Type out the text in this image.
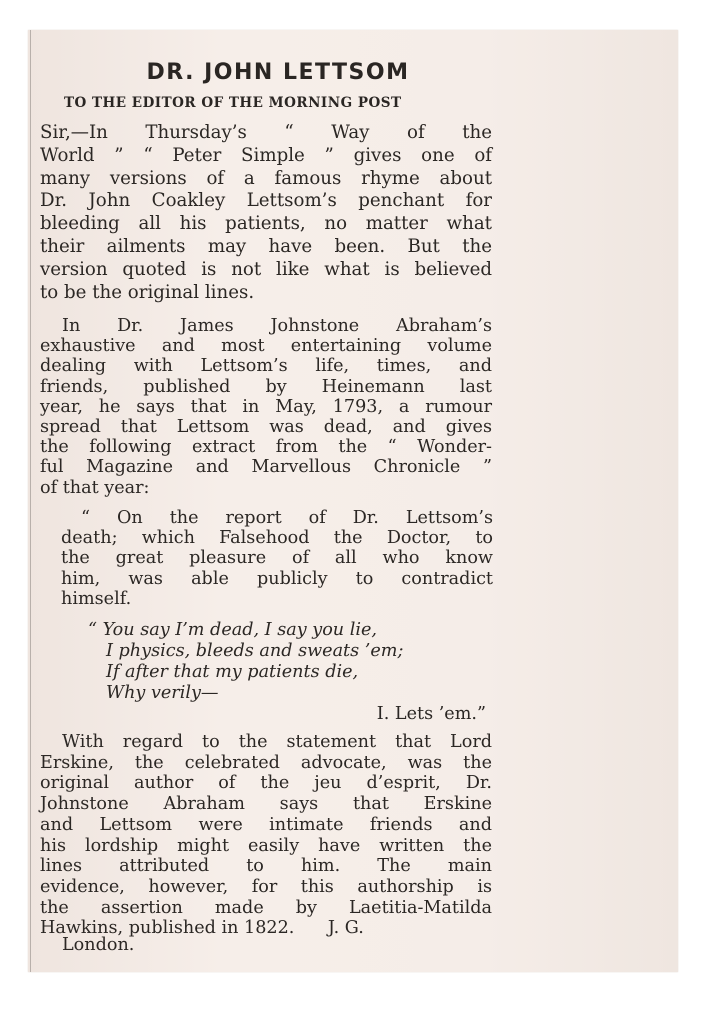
DR. JOHN LETTSOM
TO THE EDITOR OF THE MORNING POST
Sir,—In Thursday’s “ Way of the
World ” “ Peter Simple ” gives one of
many versions of a famous rhyme about
Dr. John Coakley Lettsom’s penchant for
bleeding all his patients, no matter what
their ailments may have been. But the
version quoted is not like what is believed
to be the original lines.
In Dr. James Johnstone Abraham’s
exhaustive and most entertaining volume
dealing with Lettsom’s life, times, and
friends, published by Heinemann last
year, he says that in May, 1793, a rumour
spread that Lettsom was dead, and gives
the following extract from the “ Wonder-
ful Magazine and Marvellous Chronicle ”
of that year:
“ On the report of Dr. Lettsom’s
death; which Falsehood the Doctor, to
the great pleasure of all who know
him, was able publicly to contradict
himself.
“ You say I’m dead, I say you lie,
I physics, bleeds and sweats ’em;
If after that my patients die,
Why verily—
I. Lets ’em.”
With regard to the statement that Lord
Erskine, the celebrated advocate, was the
original author of the jeu d’esprit, Dr.
Johnstone Abraham says that Erskine
and Lettsom were intimate friends and
his lordship might easily have written the
lines attributed to him. The main
evidence, however, for this authorship is
the assertion made by Laetitia-Matilda
Hawkins, published in 1822.      J. G.
London.
